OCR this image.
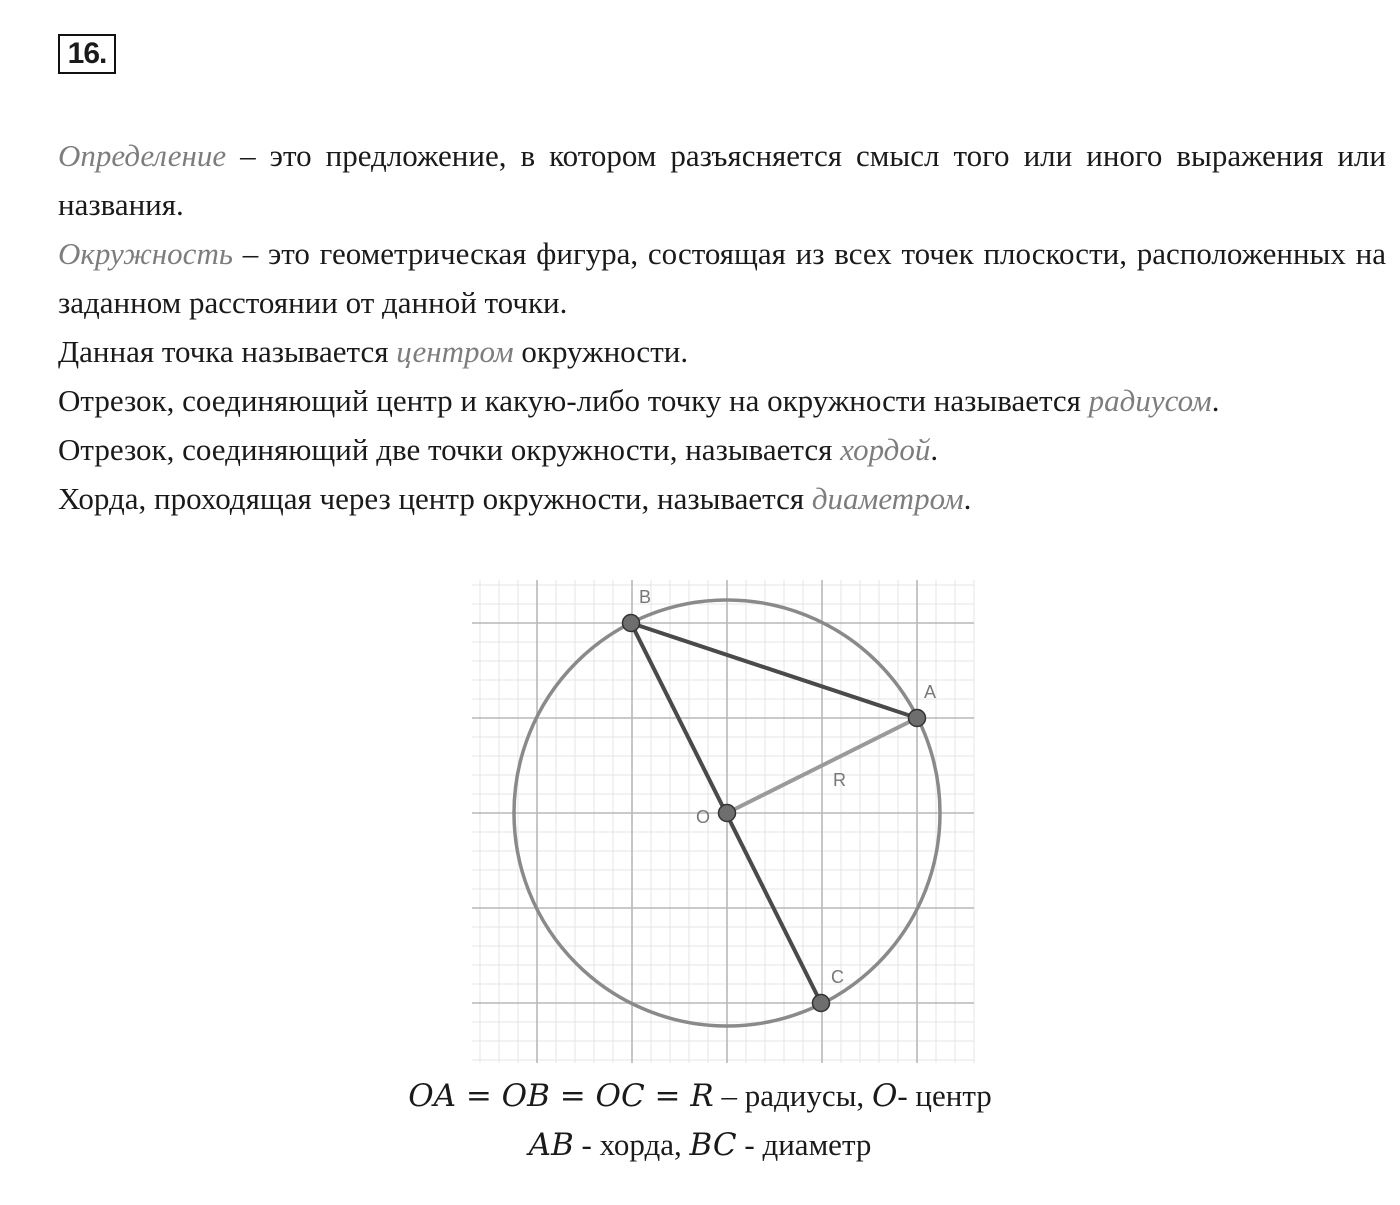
16.

Определение – это предложение, в котором разъясняется смысл того или иного выражения или названия.

Окружность – это геометрическая фигура, состоящая из всех точек плоскости, расположенных на заданном расстоянии от данной точки.

Данная точка называется центром окружности.

Отрезок, соединяющий центр и какую-либо точку на окружности называется радиусом.

Отрезок, соединяющий две точки окружности, называется хордой.

Хорда, проходящая через центр окружности, называется диаметром.

B
A
O
C
R
OA = OB = OC = R – радиусы, O- центр
AB - хорда, BC - диаметр
